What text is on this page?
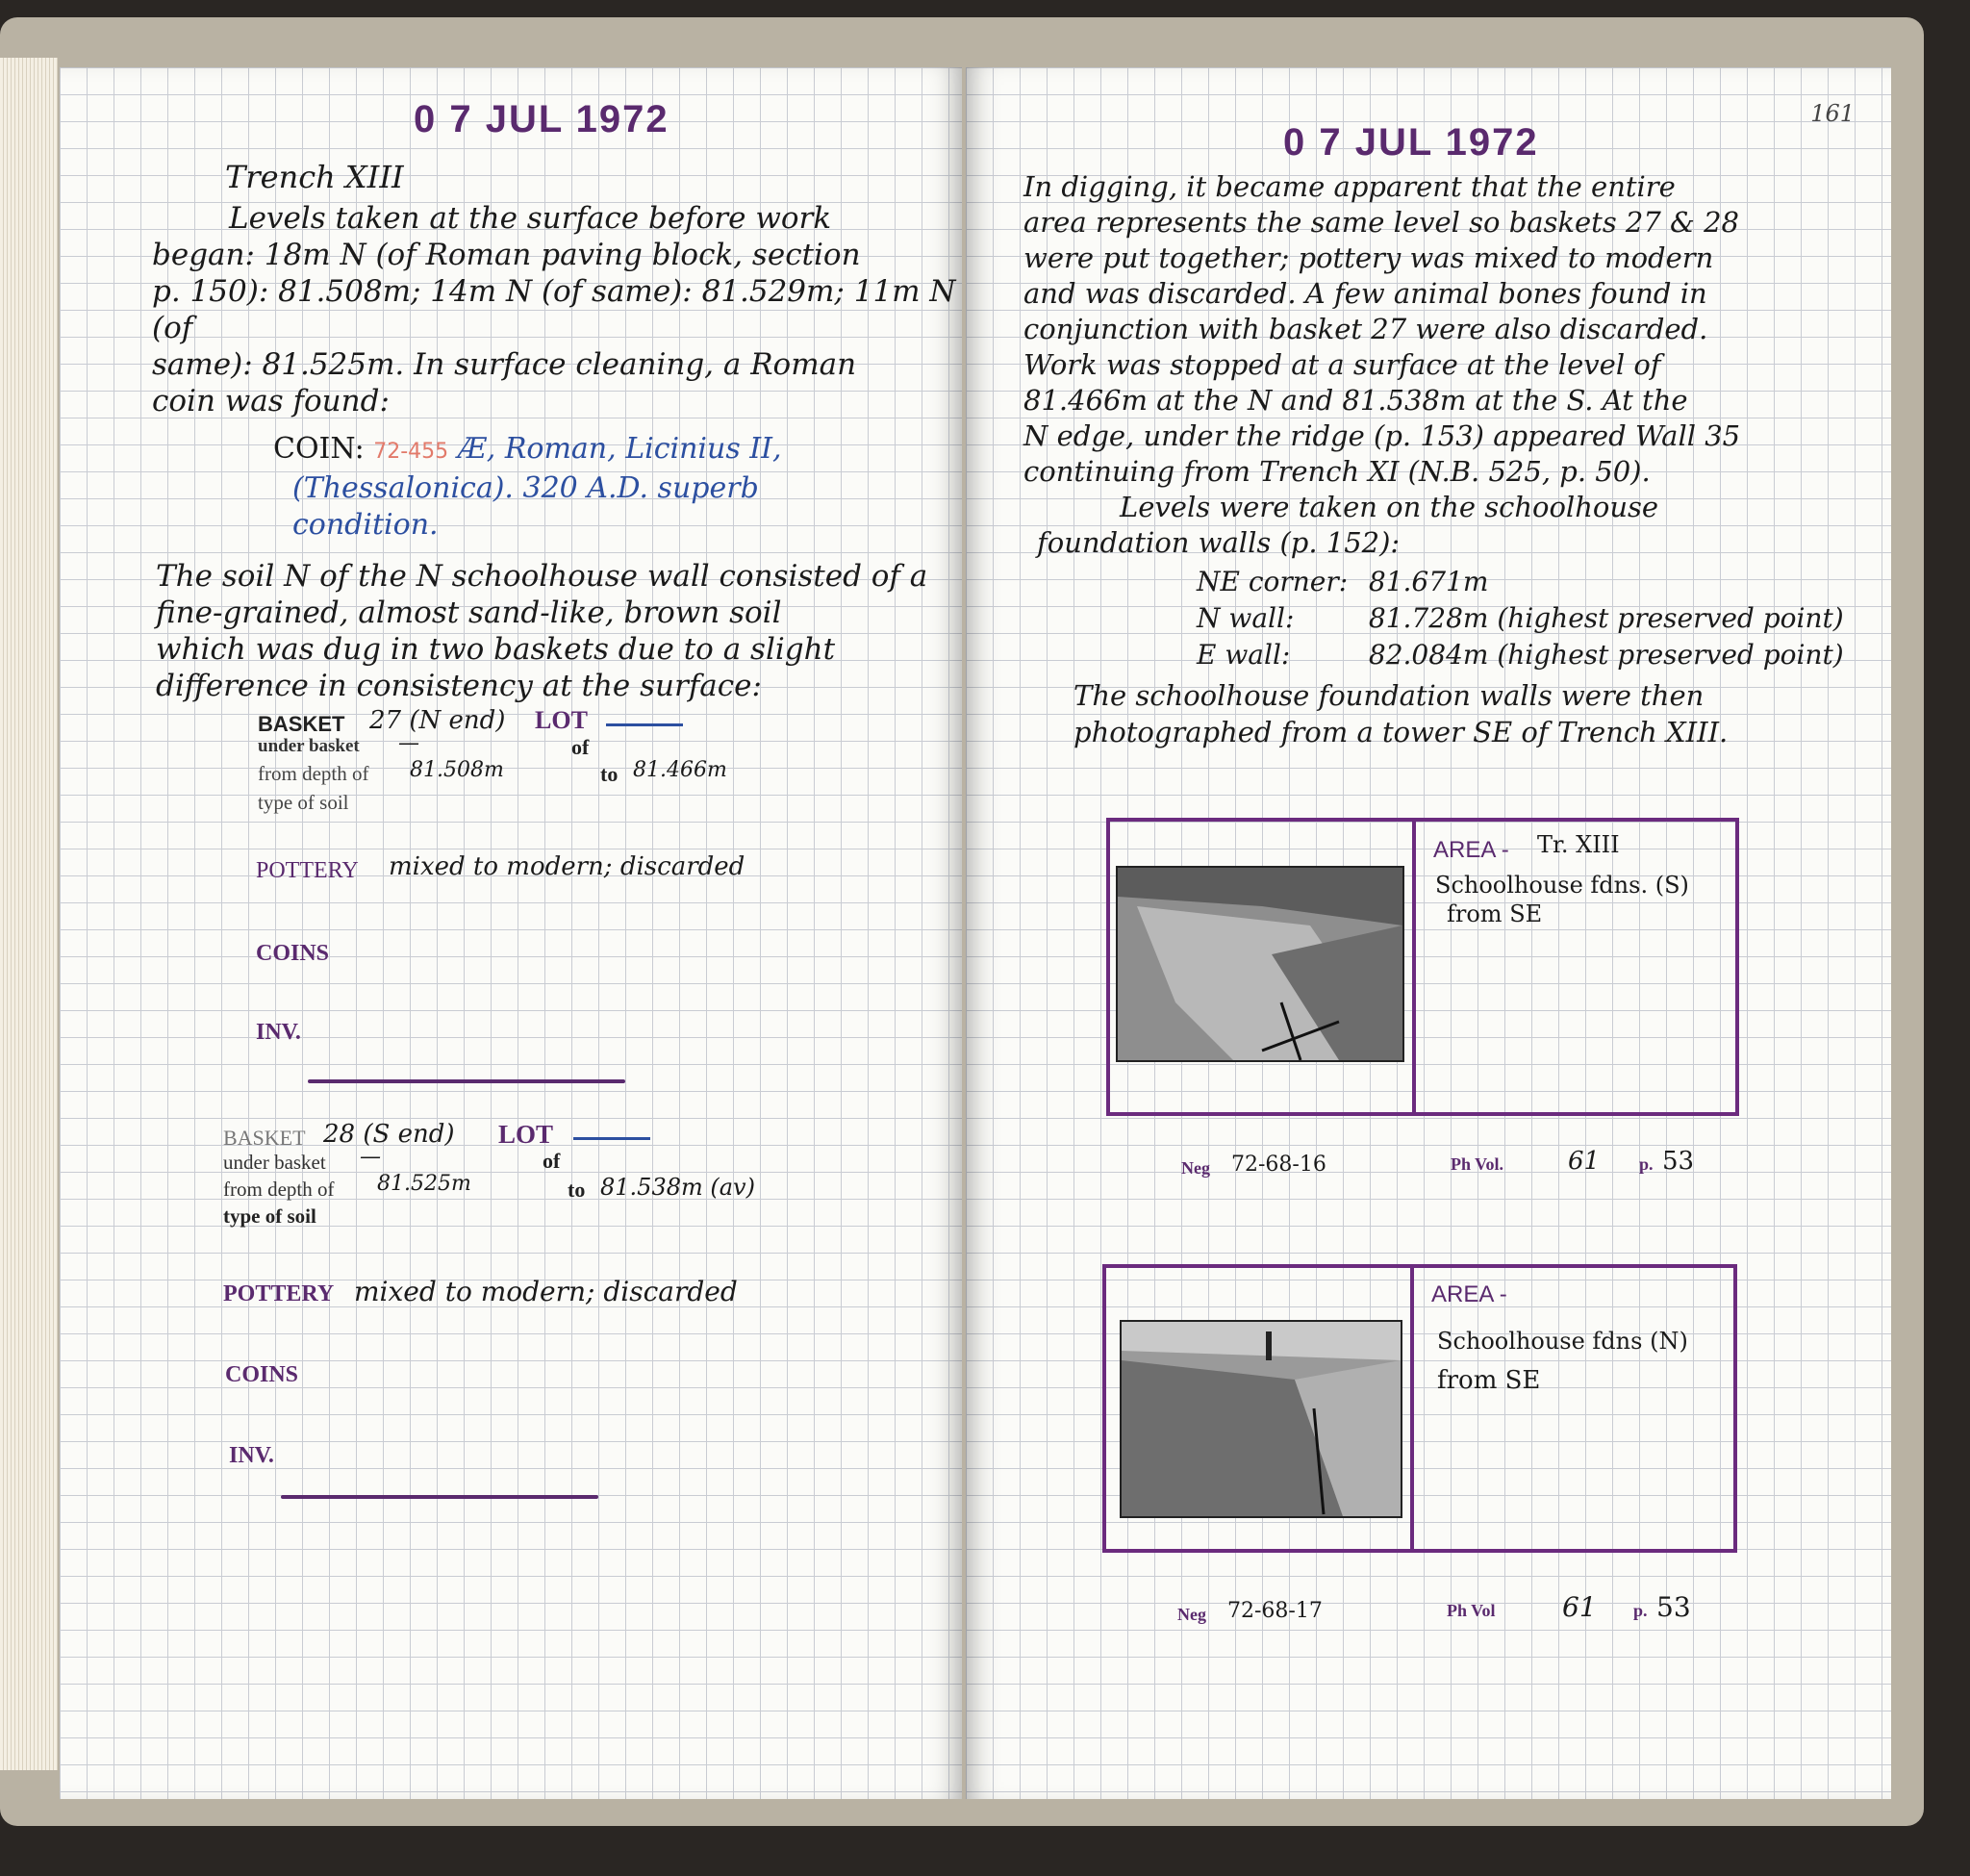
0 7 JUL 1972
Trench XIII
Levels taken at the surface before work
began: 18m N (of Roman paving block, section
p. 150): 81.508m; 14m N (of same): 81.529m; 11m N (of
same): 81.525m. In surface cleaning, a Roman
coin was found:
COIN: 72-455 Æ, Roman, Licinius II,
(Thessalonica). 320 A.D. superb
condition.
The soil N of the N schoolhouse wall consisted of a
fine-grained, almost sand-like, brown soil
which was dug in two baskets due to a slight
difference in consistency at the surface:
BASKET 27 (N end) LOT
under basket —	of
from depth of 81.508m	to 81.466m
type of soil
POTTERY mixed to modern; discarded
COINS
INV.
BASKET 28 (S end) LOT
under basket —	of
from depth of 81.525m	to 81.538m (av)
type of soil
POTTERY mixed to modern; discarded
COINS
INV.
161
0 7 JUL 1972
In digging, it became apparent that the entire
area represents the same level so baskets 27 & 28
were put together; pottery was mixed to modern
and was discarded. A few animal bones found in
conjunction with basket 27 were also discarded.
Work was stopped at a surface at the level of
81.466m at the N and 81.538m at the S. At the
N edge, under the ridge (p. 153) appeared Wall 35
continuing from Trench XI (N.B. 525, p. 50).
Levels were taken on the schoolhouse
foundation walls (p. 152):
NE corner: 81.671m
N wall:	81.728m (highest preserved point)
E wall:	82.084m (highest preserved point)
The schoolhouse foundation walls were then
photographed from a tower SE of Trench XIII.
AREA - Tr. XIII
Schoolhouse fdns. (S)
from SE
Neg 72-68-16	Ph Vol.	61 p. 53
AREA -
Schoolhouse fdns (N)
from SE
Neg 72-68-17	Ph Vol 61 p. 53
